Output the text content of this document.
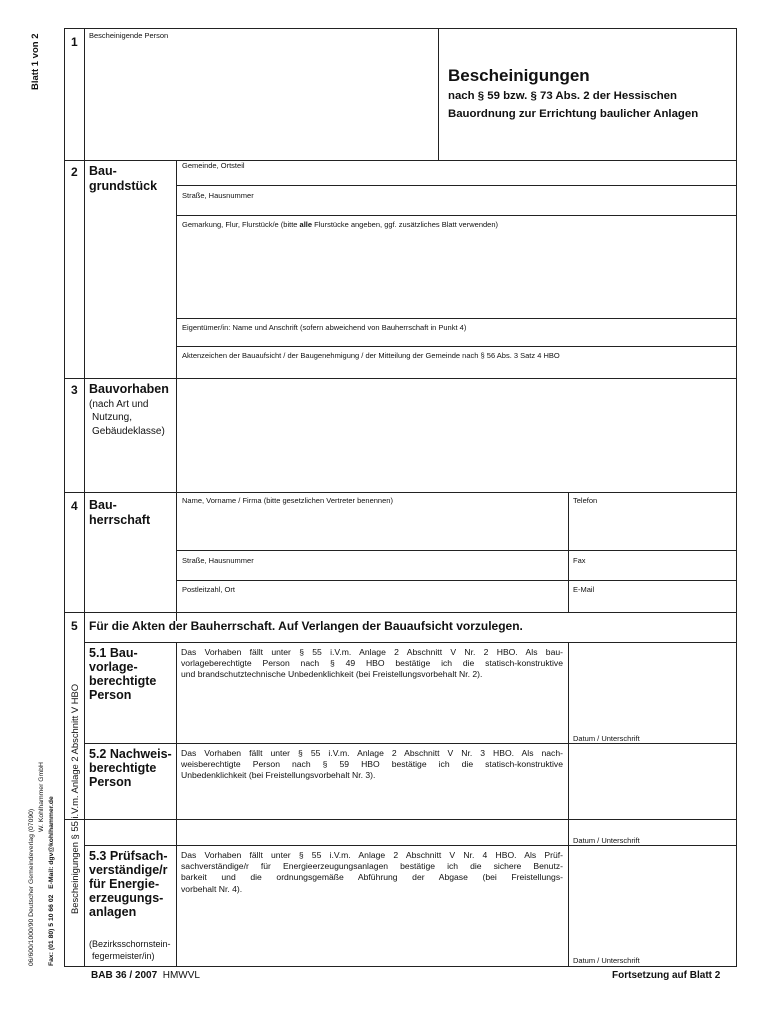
Blatt 1 von 2
06/600/1000/90 Deutscher Gemeindeverlag (07090)
W. Kohlhammer GmbH
Fax: (01 80) 5 10 66 02   E-Mail: dgv@kohlhammer.de Bescheinigungen § 55 i.V.m. Anlage 2 Abschnitt V HBO
1 Bescheinigende Person
Bescheinigungen
nach § 59 bzw. § 73 Abs. 2 der Hessischen
Bauordnung zur Errichtung baulicher Anlagen
2 Bau-
grundstück
Gemeinde, Ortsteil
Straße, Hausnummer
Gemarkung, Flur, Flurstück/e (bitte alle Flurstücke angeben, ggf. zusätzliches Blatt verwenden)
Eigentümer/in: Name und Anschrift (sofern abweichend von Bauherrschaft in Punkt 4)
Aktenzeichen der Bauaufsicht / der Baugenehmigung / der Mitteilung der Gemeinde nach § 56 Abs. 3 Satz 4 HBO
3 Bauvorhaben
(nach Art und
Nutzung,
Gebäudeklasse)
4 Bau-
herrschaft
Name, Vorname / Firma (bitte gesetzlichen Vertreter benennen)	Telefon
Straße, Hausnummer	Fax
Postleitzahl, Ort	E-Mail
5 Für die Akten der Bauherrschaft. Auf Verlangen der Bauaufsicht vorzulegen.
5.1 Bau-
vorlage-
berechtigte
Person
Das Vorhaben fällt unter § 55 i.V.m. Anlage 2 Abschnitt V Nr. 2 HBO. Als bau-
vorlageberechtigte Person nach § 49 HBO bestätige ich die statisch-konstruktive
und brandschutztechnische Unbedenklichkeit (bei Freistellungsvorbehalt Nr. 2).
Datum / Unterschrift
5.2 Nachweis-
berechtigte
Person
Das Vorhaben fällt unter § 55 i.V.m. Anlage 2 Abschnitt V Nr. 3 HBO. Als nach-
weisberechtigte Person nach § 59 HBO bestätige ich die statisch-konstruktive
Unbedenklichkeit (bei Freistellungsvorbehalt Nr. 3).
Datum / Unterschrift
5.3 Prüfsach-
verständige/r
für Energie-
erzeugungs-
anlagen
(Bezirksschornstein-
fegermeister/in)
Das Vorhaben fällt unter § 55 i.V.m. Anlage 2 Abschnitt V Nr. 4 HBO. Als Prüf-
sachverständige/r für Energieerzeugungsanlagen bestätige ich die sichere Benutz-
barkeit und die ordnungsgemäße Abführung der Abgase (bei Freistellungs-
vorbehalt Nr. 4).
Datum / Unterschrift
BAB 36 / 2007 HMWVL	Fortsetzung auf Blatt 2
